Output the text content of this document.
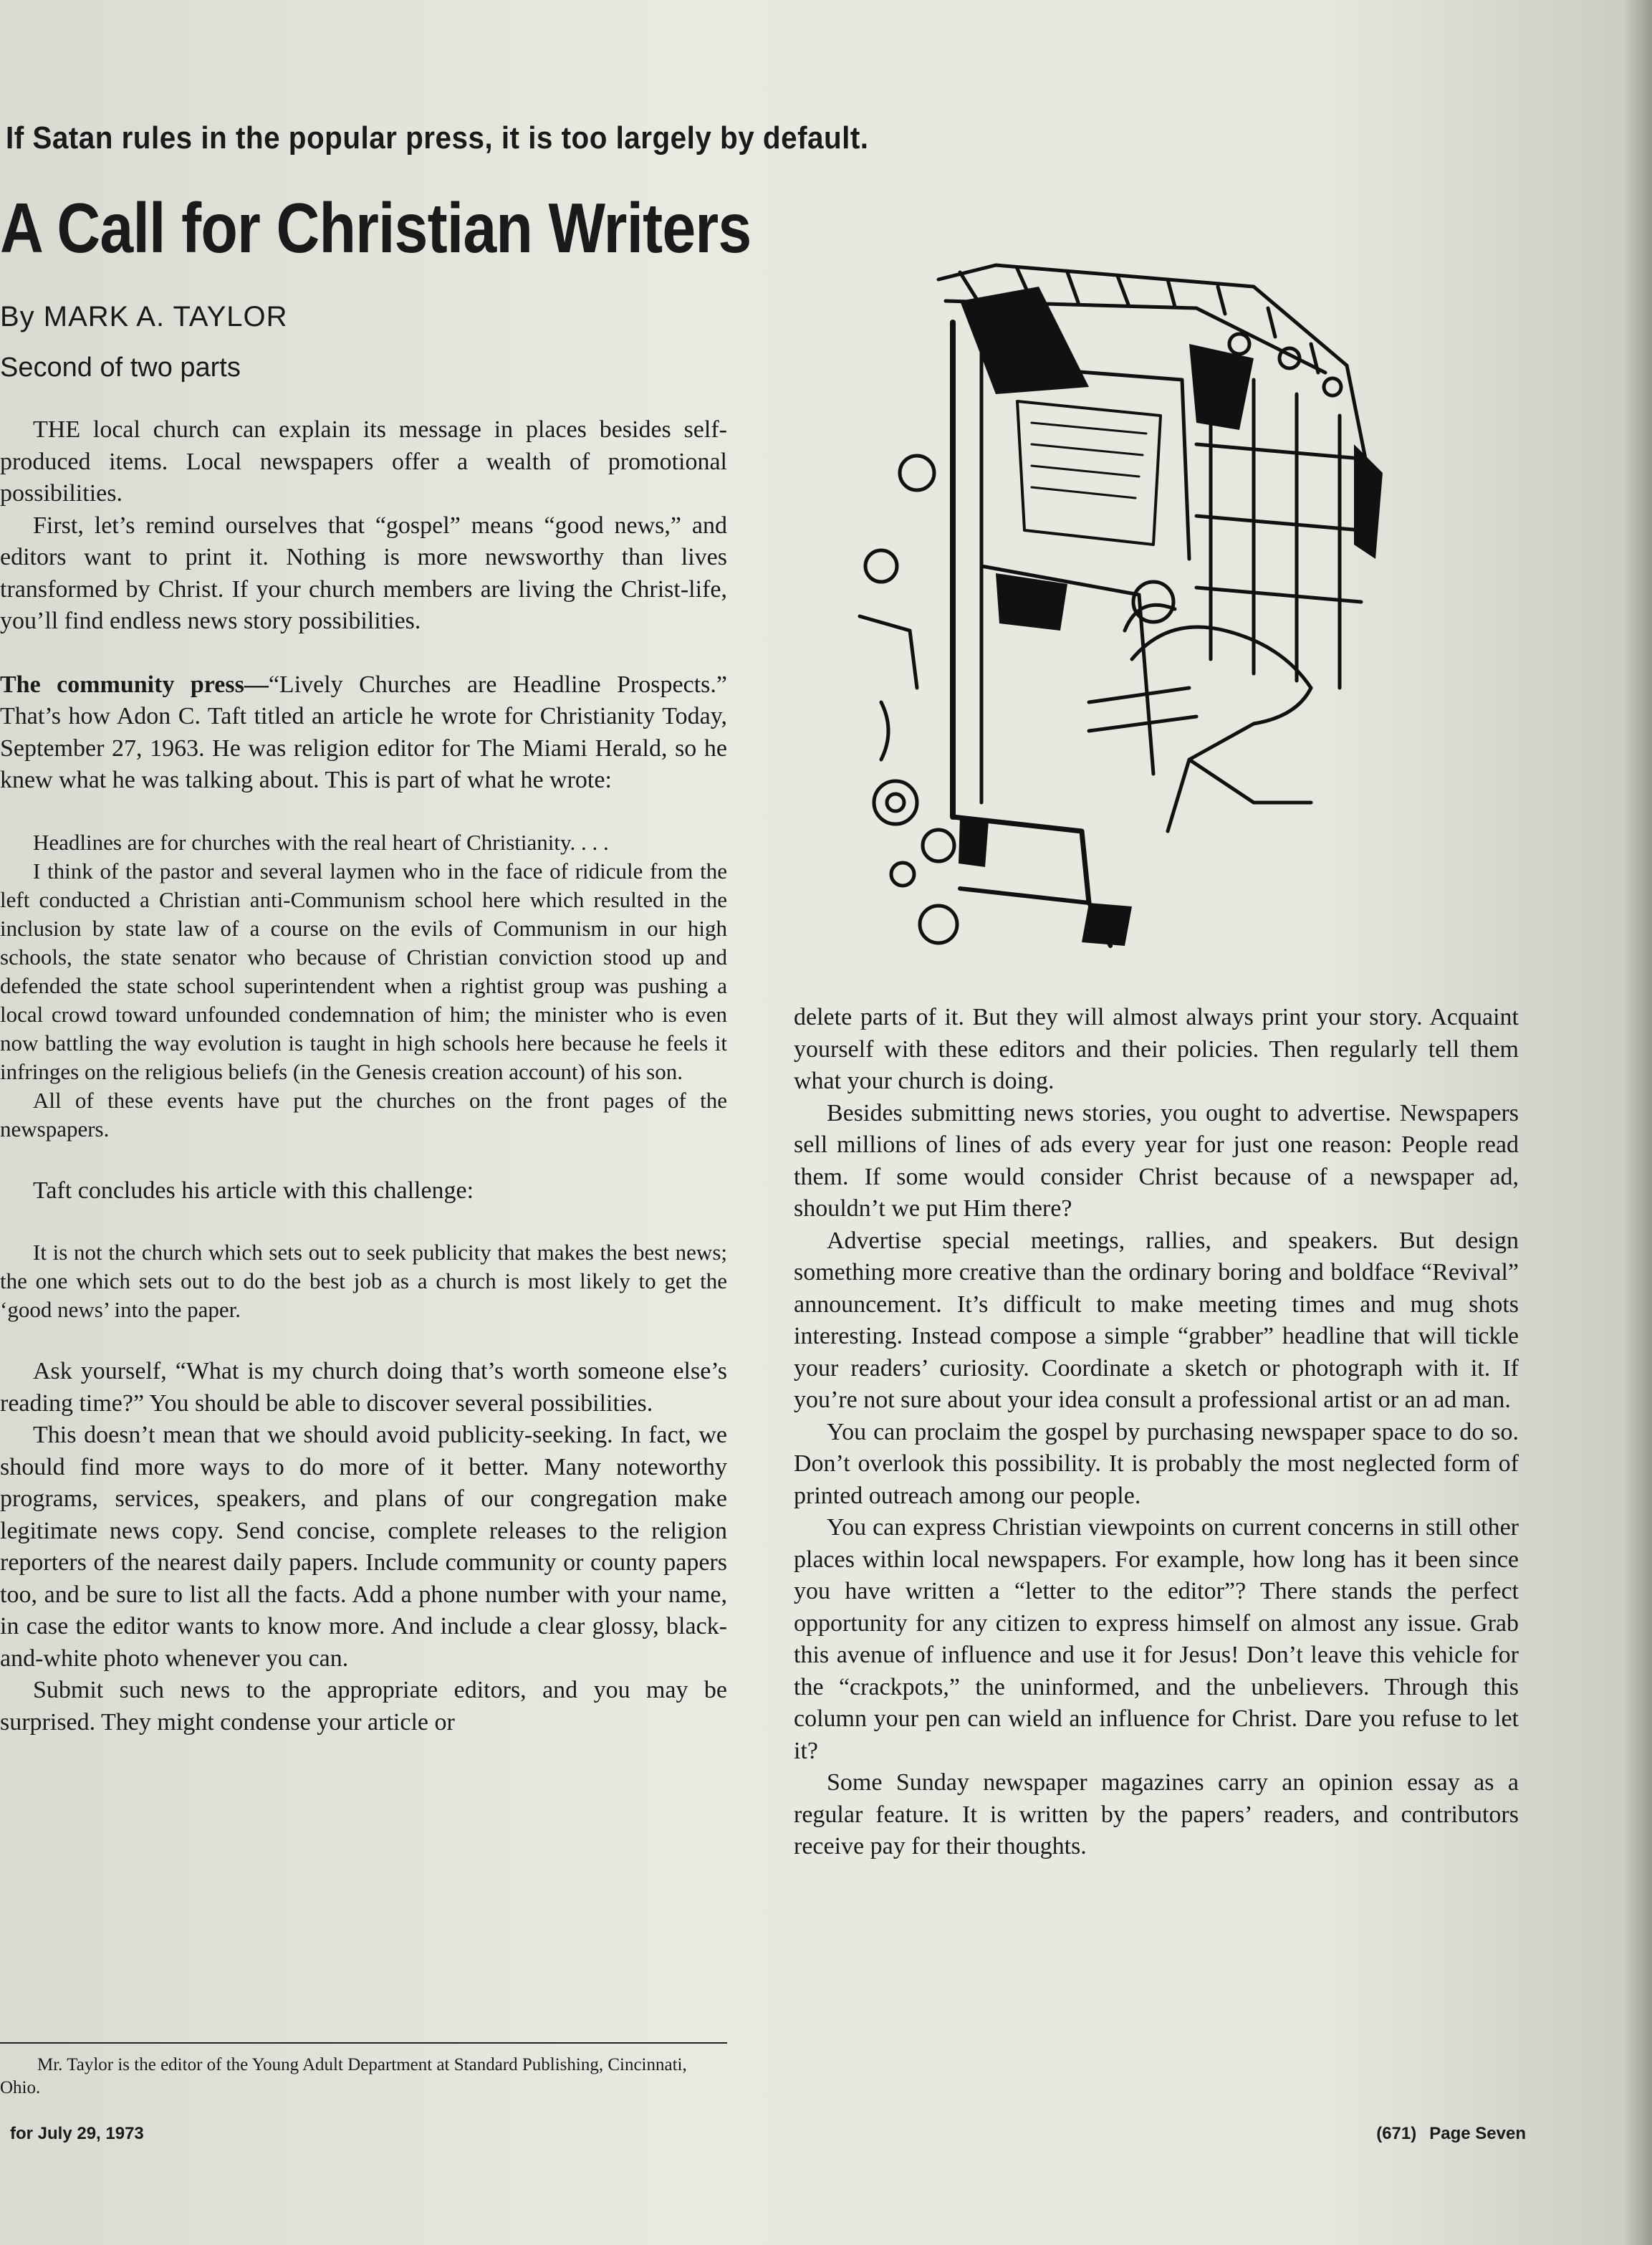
If Satan rules in the popular press, it is too largely by default.
A Call for Christian Writers
By MARK A. TAYLOR
Second of two parts

THE local church can explain its message in places besides self-produced items. Local newspapers offer a wealth of promotional possibilities.

First, let’s remind ourselves that “gospel” means “good news,” and editors want to print it. Nothing is more newsworthy than lives transformed by Christ. If your church members are living the Christ-life, you’ll find endless news story possibilities.

The community press—“Lively Churches are Headline Prospects.” That’s how Adon C. Taft titled an article he wrote for Christianity Today, September 27, 1963. He was religion editor for The Miami Herald, so he knew what he was talking about. This is part of what he wrote:

Headlines are for churches with the real heart of Christianity. . . .

I think of the pastor and several laymen who in the face of ridicule from the left conducted a Christian anti-Communism school here which resulted in the inclusion by state law of a course on the evils of Communism in our high schools, the state senator who because of Christian conviction stood up and defended the state school superintendent when a rightist group was pushing a local crowd toward unfounded condemnation of him; the minister who is even now battling the way evolution is taught in high schools here because he feels it infringes on the religious beliefs (in the Genesis creation account) of his son.

All of these events have put the churches on the front pages of the newspapers.

Taft concludes his article with this challenge:

It is not the church which sets out to seek publicity that makes the best news; the one which sets out to do the best job as a church is most likely to get the ‘good news’ into the paper.

Ask yourself, “What is my church doing that’s worth someone else’s reading time?” You should be able to discover several possibilities.

This doesn’t mean that we should avoid publicity-seeking. In fact, we should find more ways to do more of it better. Many noteworthy programs, services, speakers, and plans of our congregation make legitimate news copy. Send concise, complete releases to the religion reporters of the nearest daily papers. Include community or county papers too, and be sure to list all the facts. Add a phone number with your name, in case the editor wants to know more. And include a clear glossy, black-and-white photo whenever you can.

Submit such news to the appropriate editors, and you may be surprised. They might condense your article or

Mr. Taylor is the editor of the Young Adult Department at Standard Publishing, Cincinnati, Ohio.

delete parts of it. But they will almost always print your story. Acquaint yourself with these editors and their policies. Then regularly tell them what your church is doing.

Besides submitting news stories, you ought to advertise. Newspapers sell millions of lines of ads every year for just one reason: People read them. If some would consider Christ because of a newspaper ad, shouldn’t we put Him there?

Advertise special meetings, rallies, and speakers. But design something more creative than the ordinary boring and boldface “Revival” announcement. It’s difficult to make meeting times and mug shots interesting. Instead compose a simple “grabber” headline that will tickle your readers’ curiosity. Coordinate a sketch or photograph with it. If you’re not sure about your idea consult a professional artist or an ad man.

You can proclaim the gospel by purchasing newspaper space to do so. Don’t overlook this possibility. It is probably the most neglected form of printed outreach among our people.

You can express Christian viewpoints on current concerns in still other places within local newspapers. For example, how long has it been since you have written a “letter to the editor”? There stands the perfect opportunity for any citizen to express himself on almost any issue. Grab this avenue of influence and use it for Jesus! Don’t leave this vehicle for the “crackpots,” the uninformed, and the unbelievers. Through this column your pen can wield an influence for Christ. Dare you refuse to let it?

Some Sunday newspaper magazines carry an opinion essay as a regular feature. It is written by the papers’ readers, and contributors receive pay for their thoughts.

for July 29, 1973	(671) Page Seven
